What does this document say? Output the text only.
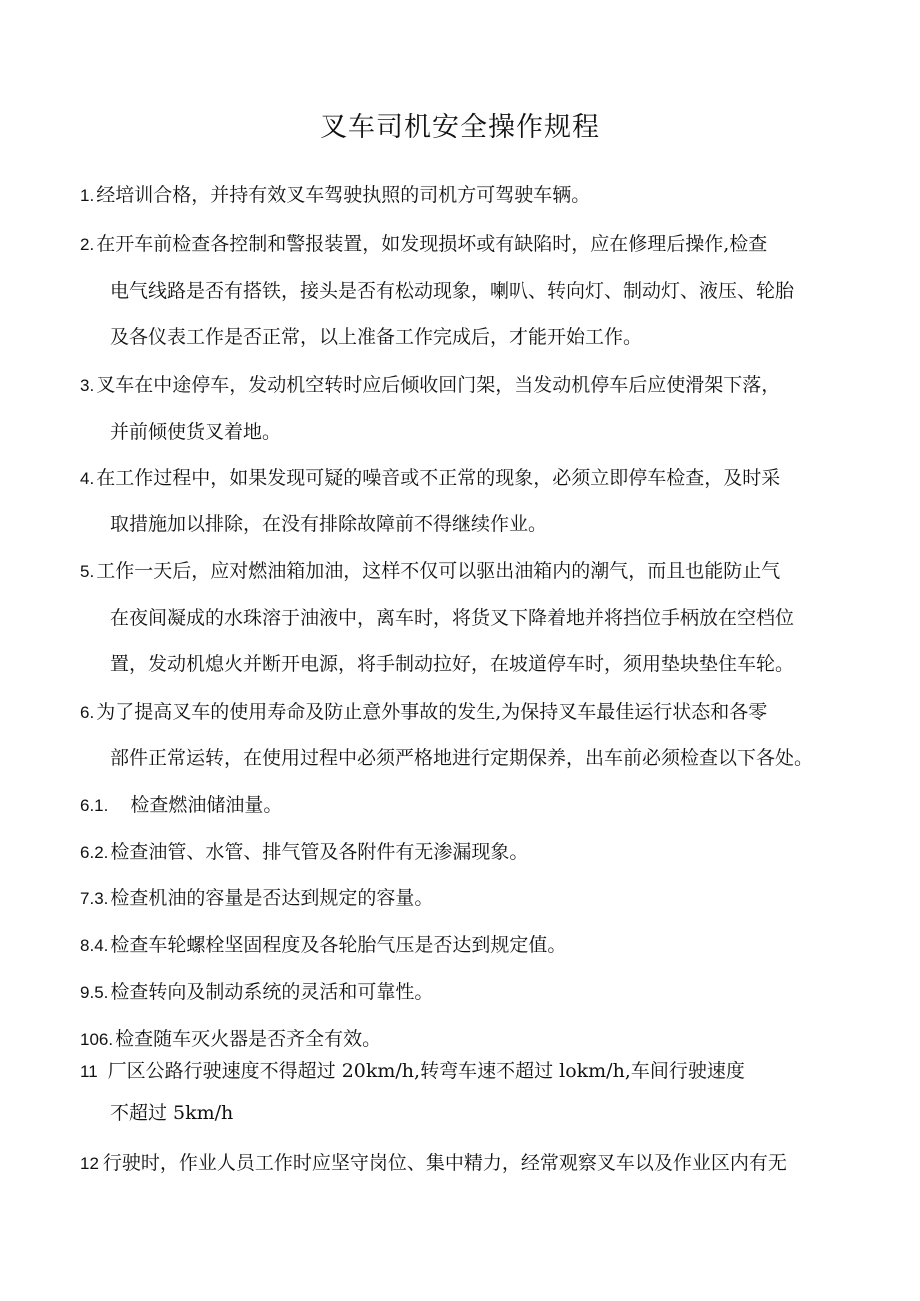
叉车司机安全操作规程
1. 经培训合格，并持有效叉车驾驶执照的司机方可驾驶车辆。
2. 在开车前检查各控制和警报装置，如发现损坏或有缺陷时，应在修理后操作,检查
电气线路是否有搭铁，接头是否有松动现象，喇叭、转向灯、制动灯、液压、轮胎
及各仪表工作是否正常，以上准备工作完成后，才能开始工作。
3. 叉车在中途停车，发动机空转时应后倾收回门架，当发动机停车后应使滑架下落，
并前倾使货叉着地。
4. 在工作过程中，如果发现可疑的噪音或不正常的现象，必须立即停车检查，及时采
取措施加以排除，在没有排除故障前不得继续作业。
5. 工作一天后，应对燃油箱加油，这样不仅可以驱出油箱内的潮气，而且也能防止气
在夜间凝成的水珠溶于油液中，离车时，将货叉下降着地并将挡位手柄放在空档位
置，发动机熄火并断开电源，将手制动拉好，在坡道停车时，须用垫块垫住车轮。
6. 为了提高叉车的使用寿命及防止意外事故的发生,为保持叉车最佳运行状态和各零
部件正常运转，在使用过程中必须严格地进行定期保养，出车前必须检查以下各处。
6.1. 检查燃油储油量。
6.2. 检查油管、水管、排气管及各附件有无渗漏现象。
7.3. 检查机油的容量是否达到规定的容量。
8.4. 检查车轮螺栓坚固程度及各轮胎气压是否达到规定值。
9.5. 检查转向及制动系统的灵活和可靠性。
106. 检查随车灭火器是否齐全有效。
11 厂区公路行驶速度不得超过 20km∕h,转弯车速不超过 lokm∕h,车间行驶速度
不超过 5km∕h
12 行驶时，作业人员工作时应坚守岗位、集中精力，经常观察叉车以及作业区内有无
